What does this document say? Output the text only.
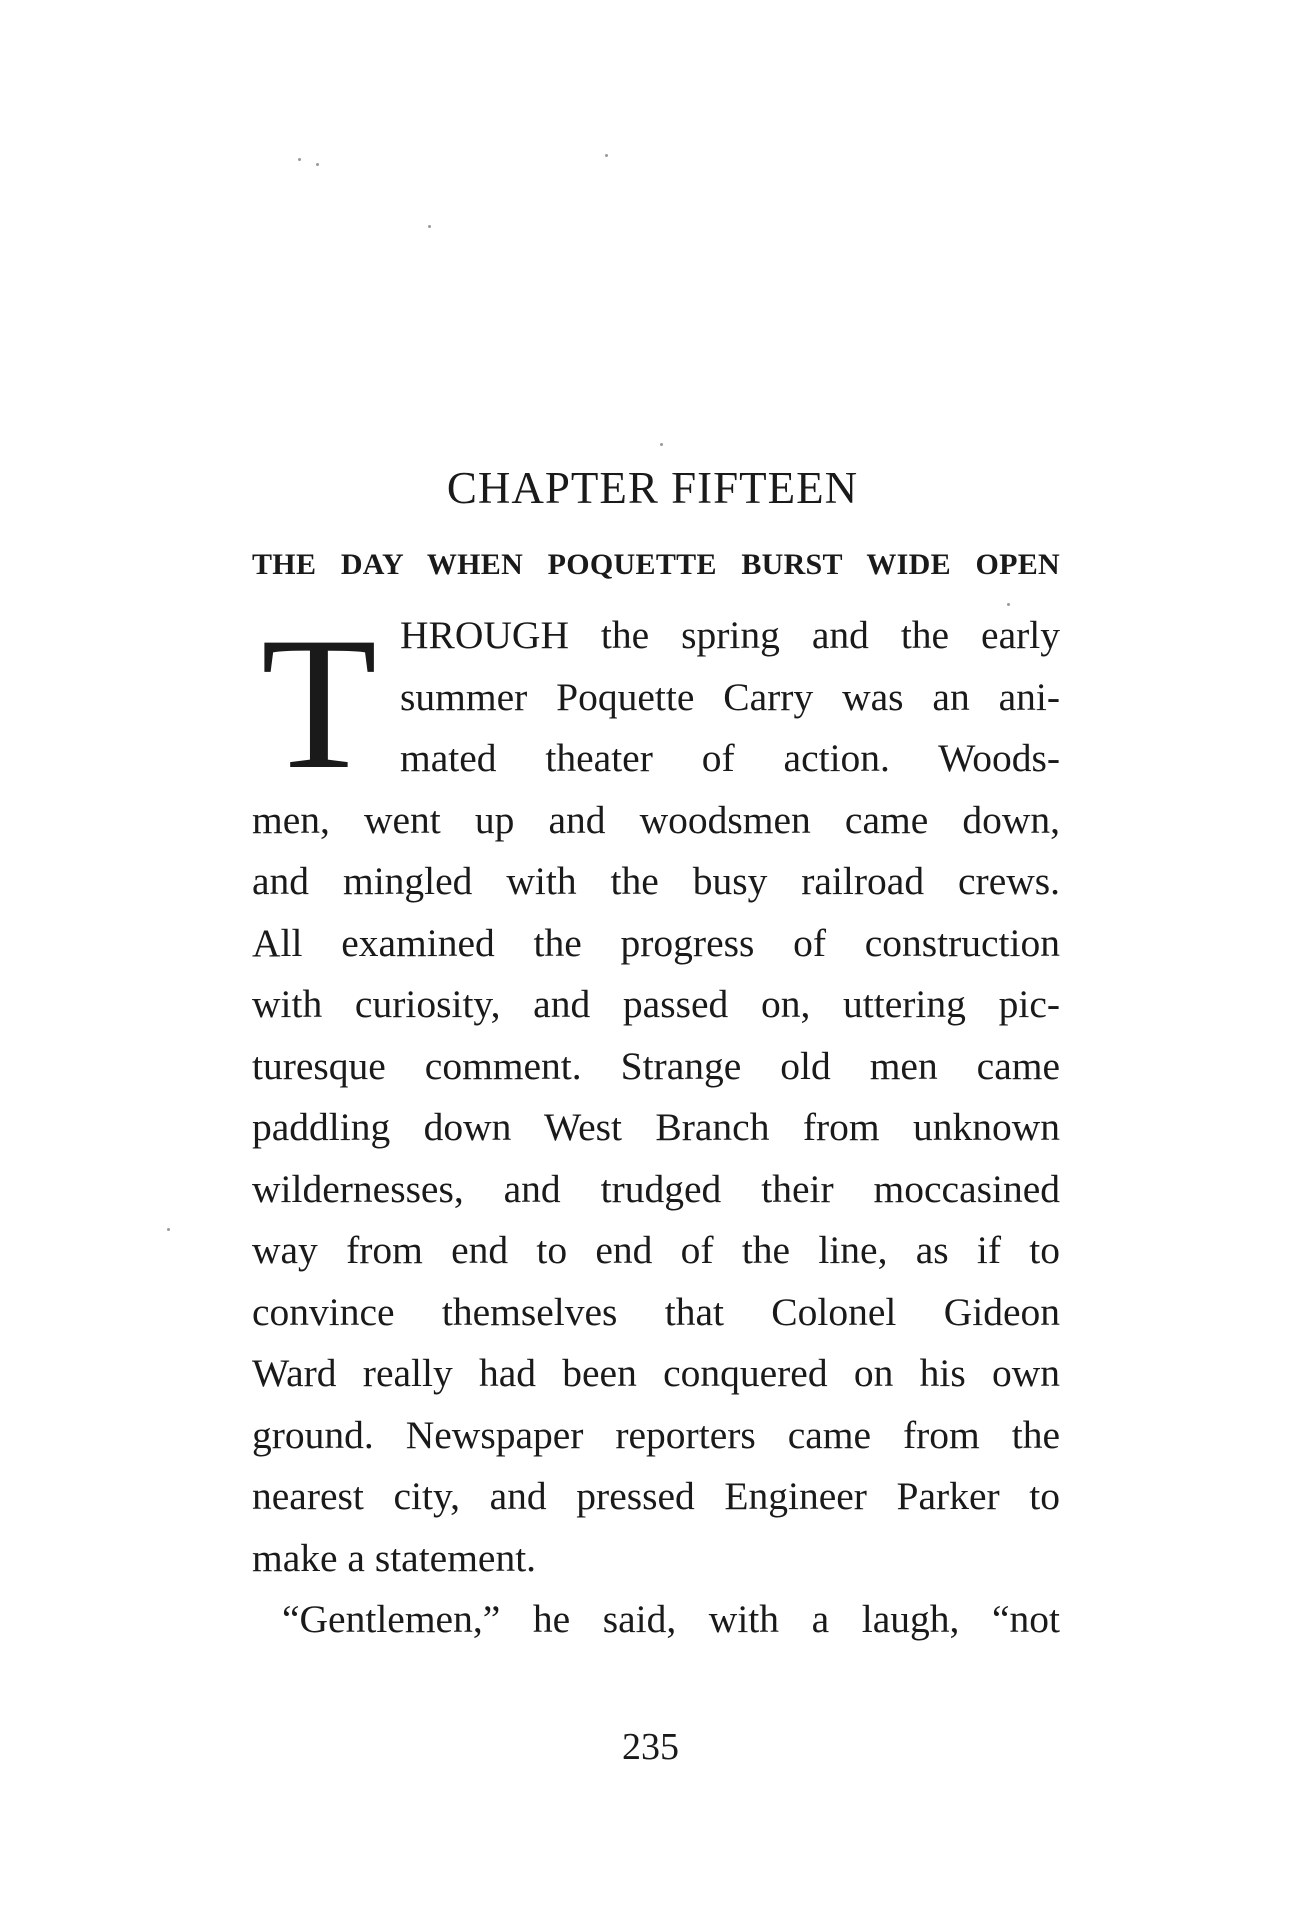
CHAPTER FIFTEEN
THE DAY WHEN POQUETTE BURST WIDE OPEN
T HROUGH the spring and the early
summer Poquette Carry was an ani-
mated theater of action. Woods-
men, went up and woodsmen came down,
and mingled with the busy railroad crews.
All examined the progress of construction
with curiosity, and passed on, uttering pic-
turesque comment. Strange old men came
paddling down West Branch from unknown
wildernesses, and trudged their moccasined
way from end to end of the line, as if to
convince themselves that Colonel Gideon
Ward really had been conquered on his own
ground. Newspaper reporters came from the
nearest city, and pressed Engineer Parker to
make a statement.
“Gentlemen,” he said, with a laugh, “not
235
